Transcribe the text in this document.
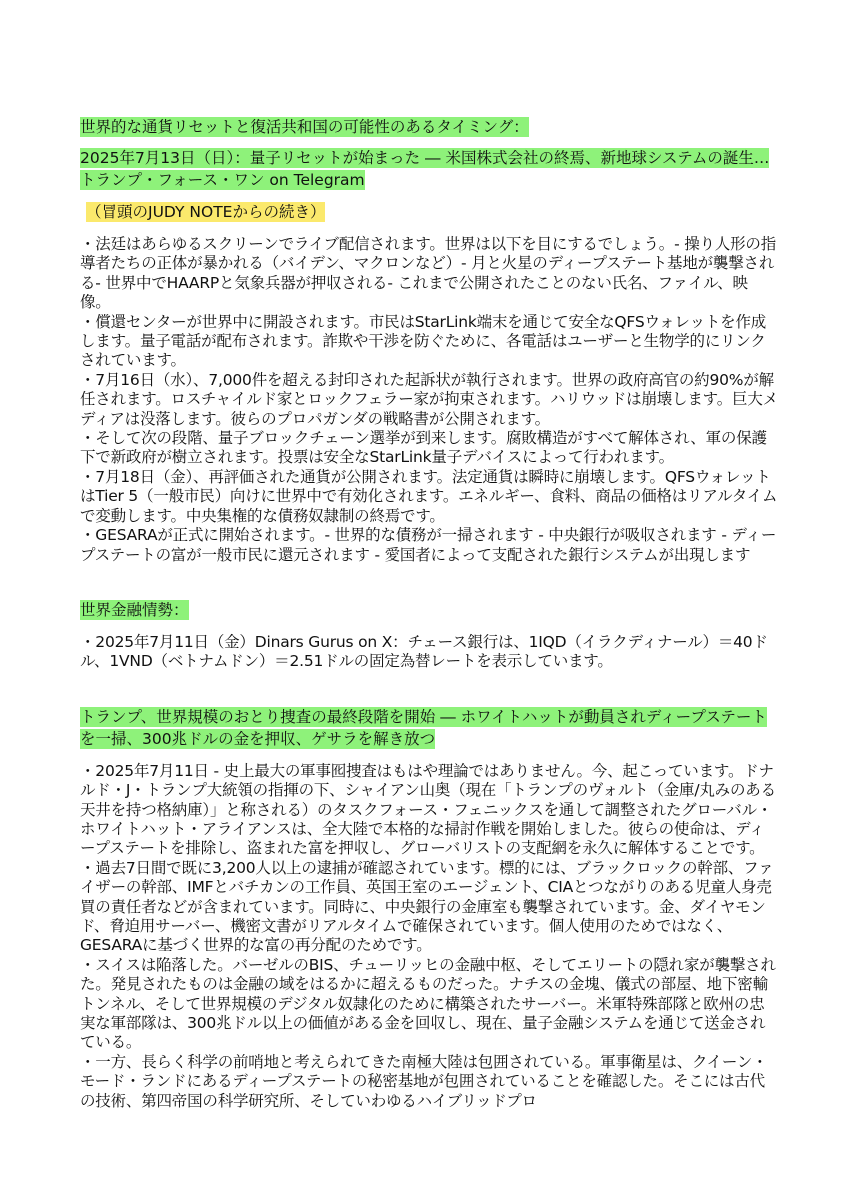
世界的な通貨リセットと復活共和国の可能性のあるタイミング：
2025年7月13日（日）：量子リセットが始まった ― 米国株式会社の終焉、新地球システムの誕生…トランプ・フォース・ワン on Telegram
（冒頭のJUDY NOTEからの続き）

・法廷はあらゆるスクリーンでライブ配信されます。世界は以下を目にするでしょう。- 操り人形の指導者たちの正体が暴かれる（バイデン、マクロンなど）- 月と火星のディープステート基地が襲撃される- 世界中でHAARPと気象兵器が押収される- これまで公開されたことのない氏名、ファイル、映像。

・償還センターが世界中に開設されます。市民はStarLink端末を通じて安全なQFSウォレットを作成します。量子電話が配布されます。詐欺や干渉を防ぐために、各電話はユーザーと生物学的にリンクされています。

・7月16日（水）、7,000件を超える封印された起訴状が執行されます。世界の政府高官の約90%が解任されます。ロスチャイルド家とロックフェラー家が拘束されます。ハリウッドは崩壊します。巨大メディアは没落します。彼らのプロパガンダの戦略書が公開されます。

・そして次の段階、量子ブロックチェーン選挙が到来します。腐敗構造がすべて解体され、軍の保護下で新政府が樹立されます。投票は安全なStarLink量子デバイスによって行われます。

・7月18日（金）、再評価された通貨が公開されます。法定通貨は瞬時に崩壊します。QFSウォレットはTier 5（一般市民）向けに世界中で有効化されます。エネルギー、食料、商品の価格はリアルタイムで変動します。中央集権的な債務奴隷制の終焉です。

・GESARAが正式に開始されます。- 世界的な債務が一掃されます - 中央銀行が吸収されます - ディープステートの富が一般市民に還元されます - 愛国者によって支配された銀行システムが出現します

世界金融情勢：

・2025年7月11日（金）Dinars Gurus on X：チェース銀行は、1IQD（イラクディナール）＝40ドル、1VND（ベトナムドン）＝2.51ドルの固定為替レートを表示しています。

トランプ、世界規模のおとり捜査の最終段階を開始 ― ホワイトハットが動員されディープステートを一掃、300兆ドルの金を押収、ゲサラを解き放つ

・2025年7月11日 - 史上最大の軍事囮捜査はもはや理論ではありません。今、起こっています。ドナルド・J・トランプ大統領の指揮の下、シャイアン山奥（現在「トランプのヴォルト（金庫/丸みのある天井を持つ格納庫）」と称される）のタスクフォース・フェニックスを通して調整されたグローバル・ホワイトハット・アライアンスは、全大陸で本格的な掃討作戦を開始しました。彼らの使命は、ディープステートを排除し、盗まれた富を押収し、グローバリストの支配網を永久に解体することです。

・過去7日間で既に3,200人以上の逮捕が確認されています。標的には、ブラックロックの幹部、ファイザーの幹部、IMFとバチカンの工作員、英国王室のエージェント、CIAとつながりのある児童人身売買の責任者などが含まれています。同時に、中央銀行の金庫室も襲撃されています。金、ダイヤモンド、脅迫用サーバー、機密文書がリアルタイムで確保されています。個人使用のためではなく、GESARAに基づく世界的な富の再分配のためです。

・スイスは陥落した。バーゼルのBIS、チューリッヒの金融中枢、そしてエリートの隠れ家が襲撃された。発見されたものは金融の域をはるかに超えるものだった。ナチスの金塊、儀式の部屋、地下密輸トンネル、そして世界規模のデジタル奴隷化のために構築されたサーバー。米軍特殊部隊と欧州の忠実な軍部隊は、300兆ドル以上の価値がある金を回収し、現在、量子金融システムを通じて送金されている。

・一方、長らく科学の前哨地と考えられてきた南極大陸は包囲されている。軍事衛星は、クイーン・モード・ランドにあるディープステートの秘密基地が包囲されていることを確認した。そこには古代の技術、第四帝国の科学研究所、そしていわゆるハイブリッドプロ
